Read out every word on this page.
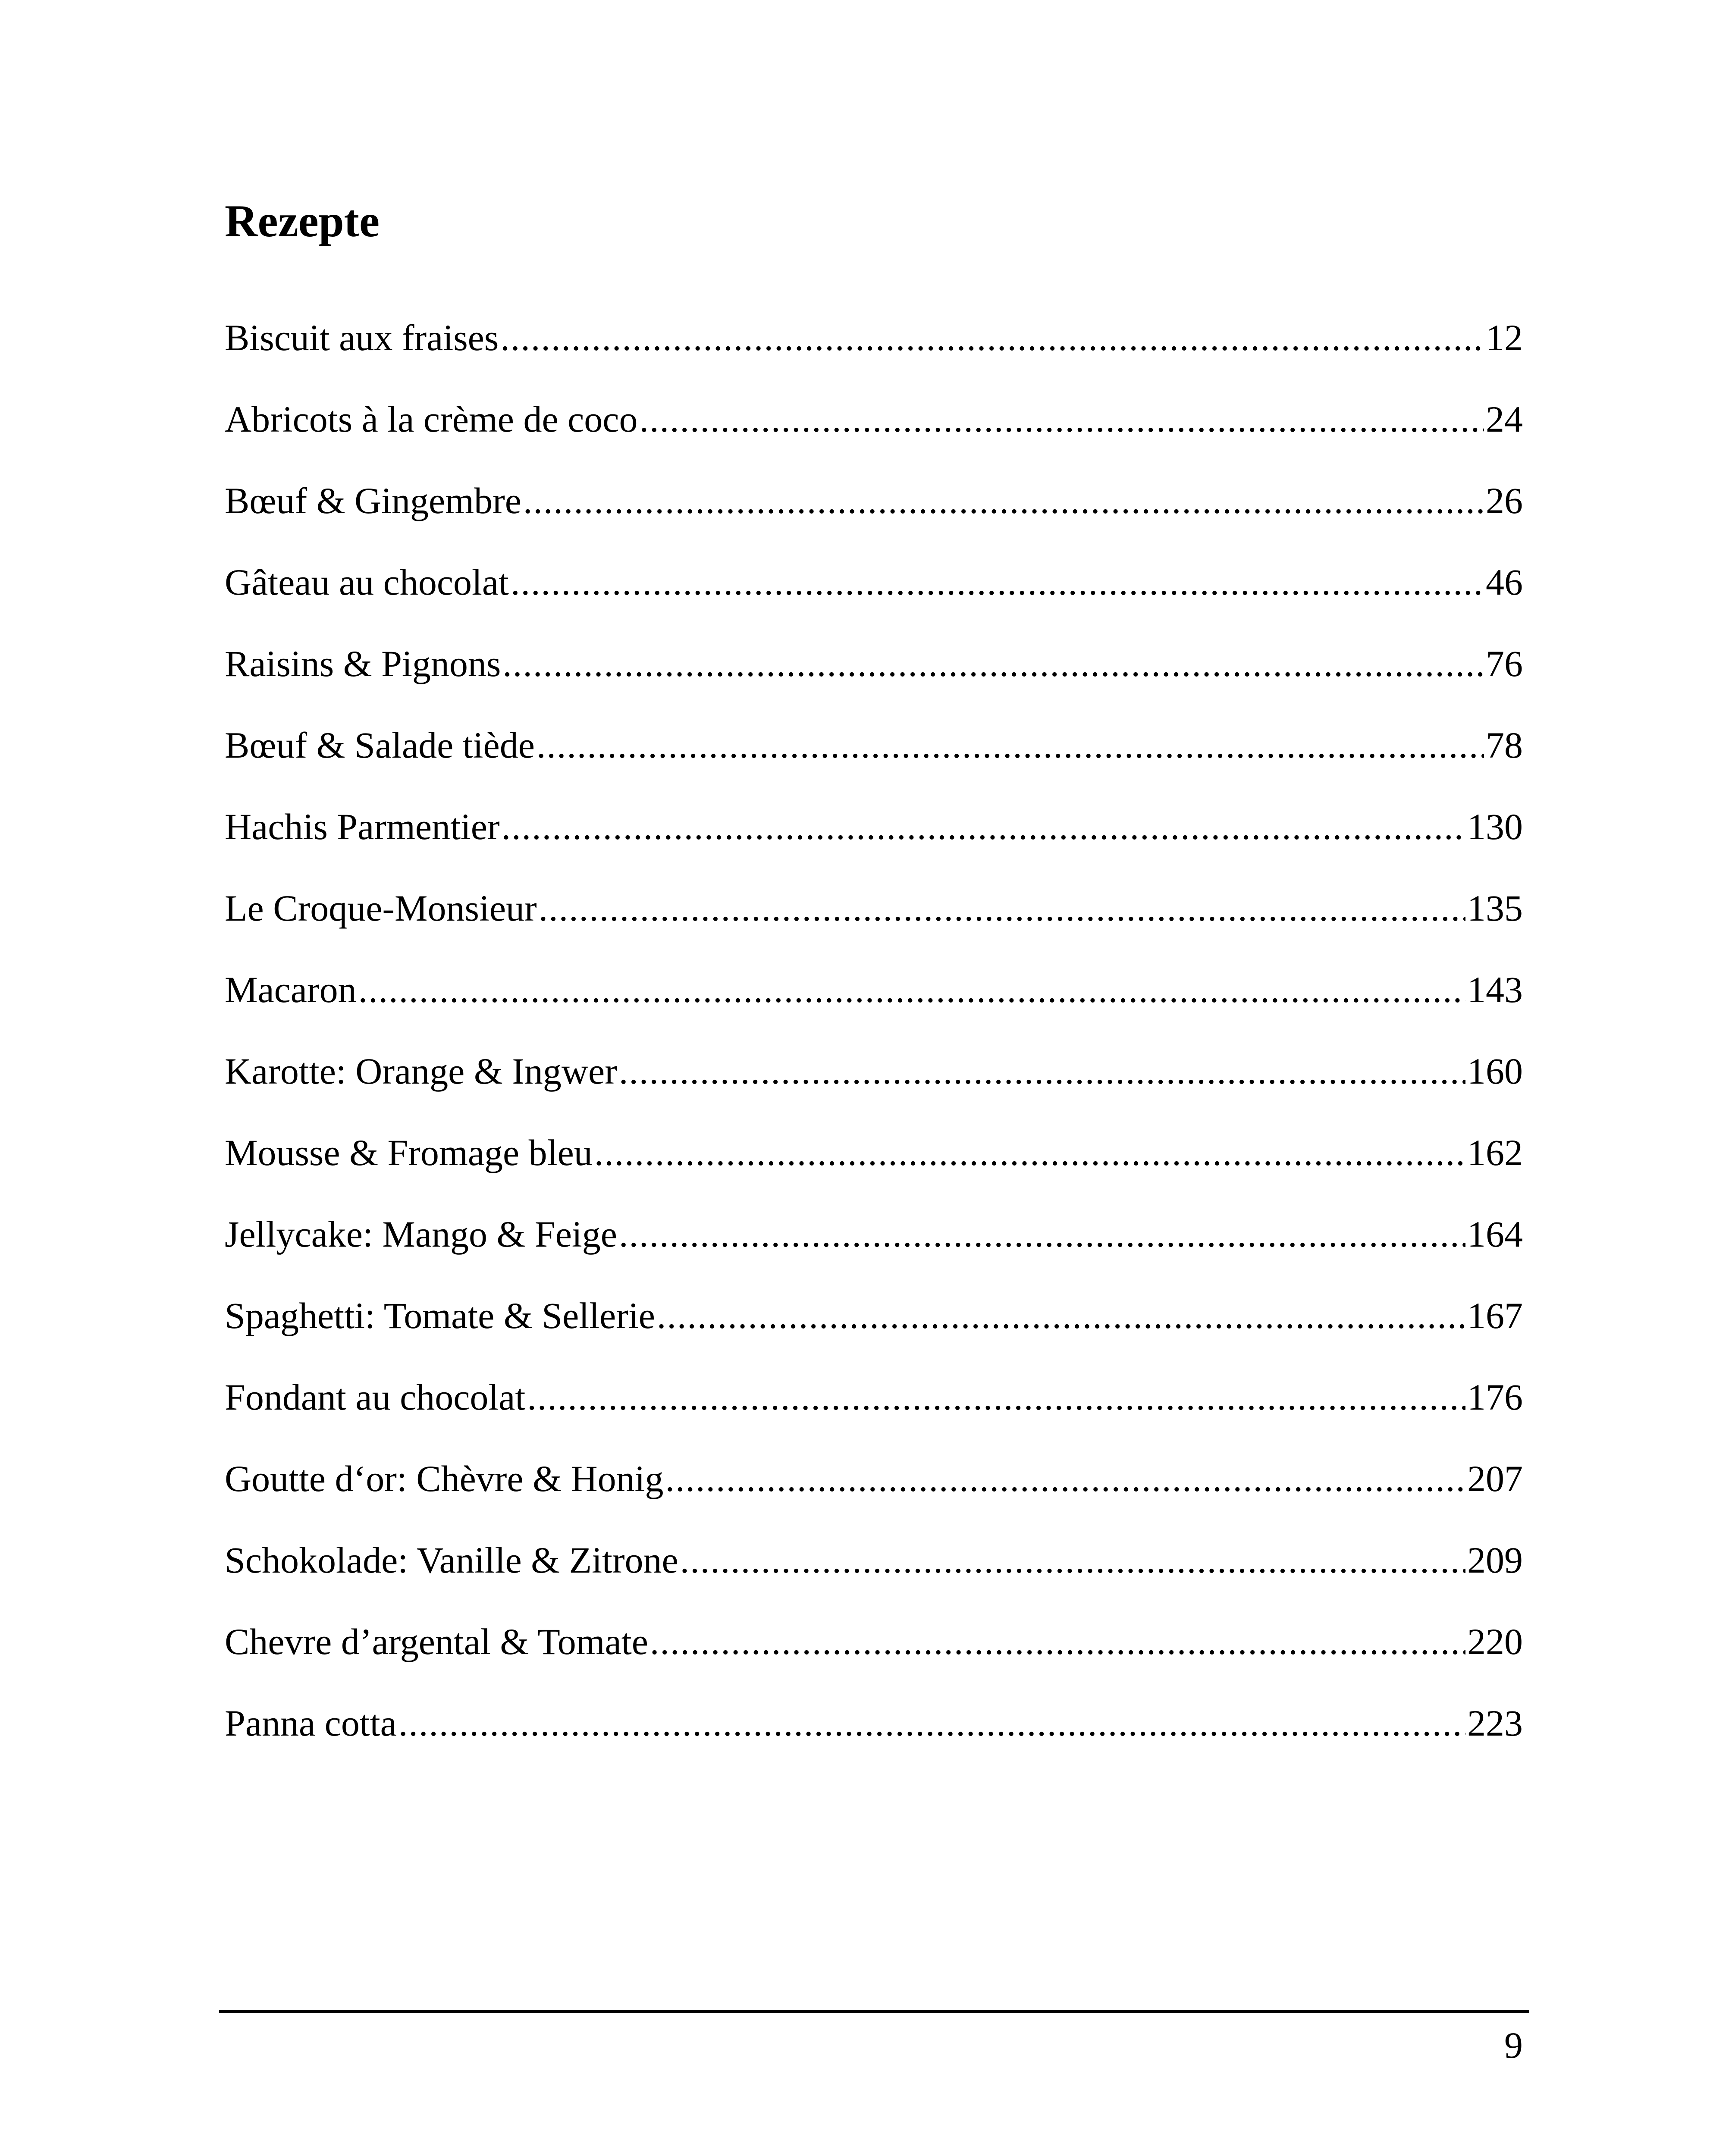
Rezepte
Biscuit aux fraises .....	12
Abricots à la crème de coco .....	24
Bœuf & Gingembre .....	26
Gâteau au chocolat .....	46
Raisins & Pignons .....	76
Bœuf & Salade tiède .....	78
Hachis Parmentier .....	130
Le Croque-Monsieur .....	135
Macaron .....	143
Karotte: Orange & Ingwer .....	160
Mousse & Fromage bleu .....	162
Jellycake: Mango & Feige .....	164
Spaghetti: Tomate & Sellerie .....	167
Fondant au chocolat .....	176
Goutte d‘or: Chèvre & Honig .....	207
Schokolade: Vanille & Zitrone .....	209
Chevre d’argental & Tomate .....	220
Panna cotta .....	223
9
